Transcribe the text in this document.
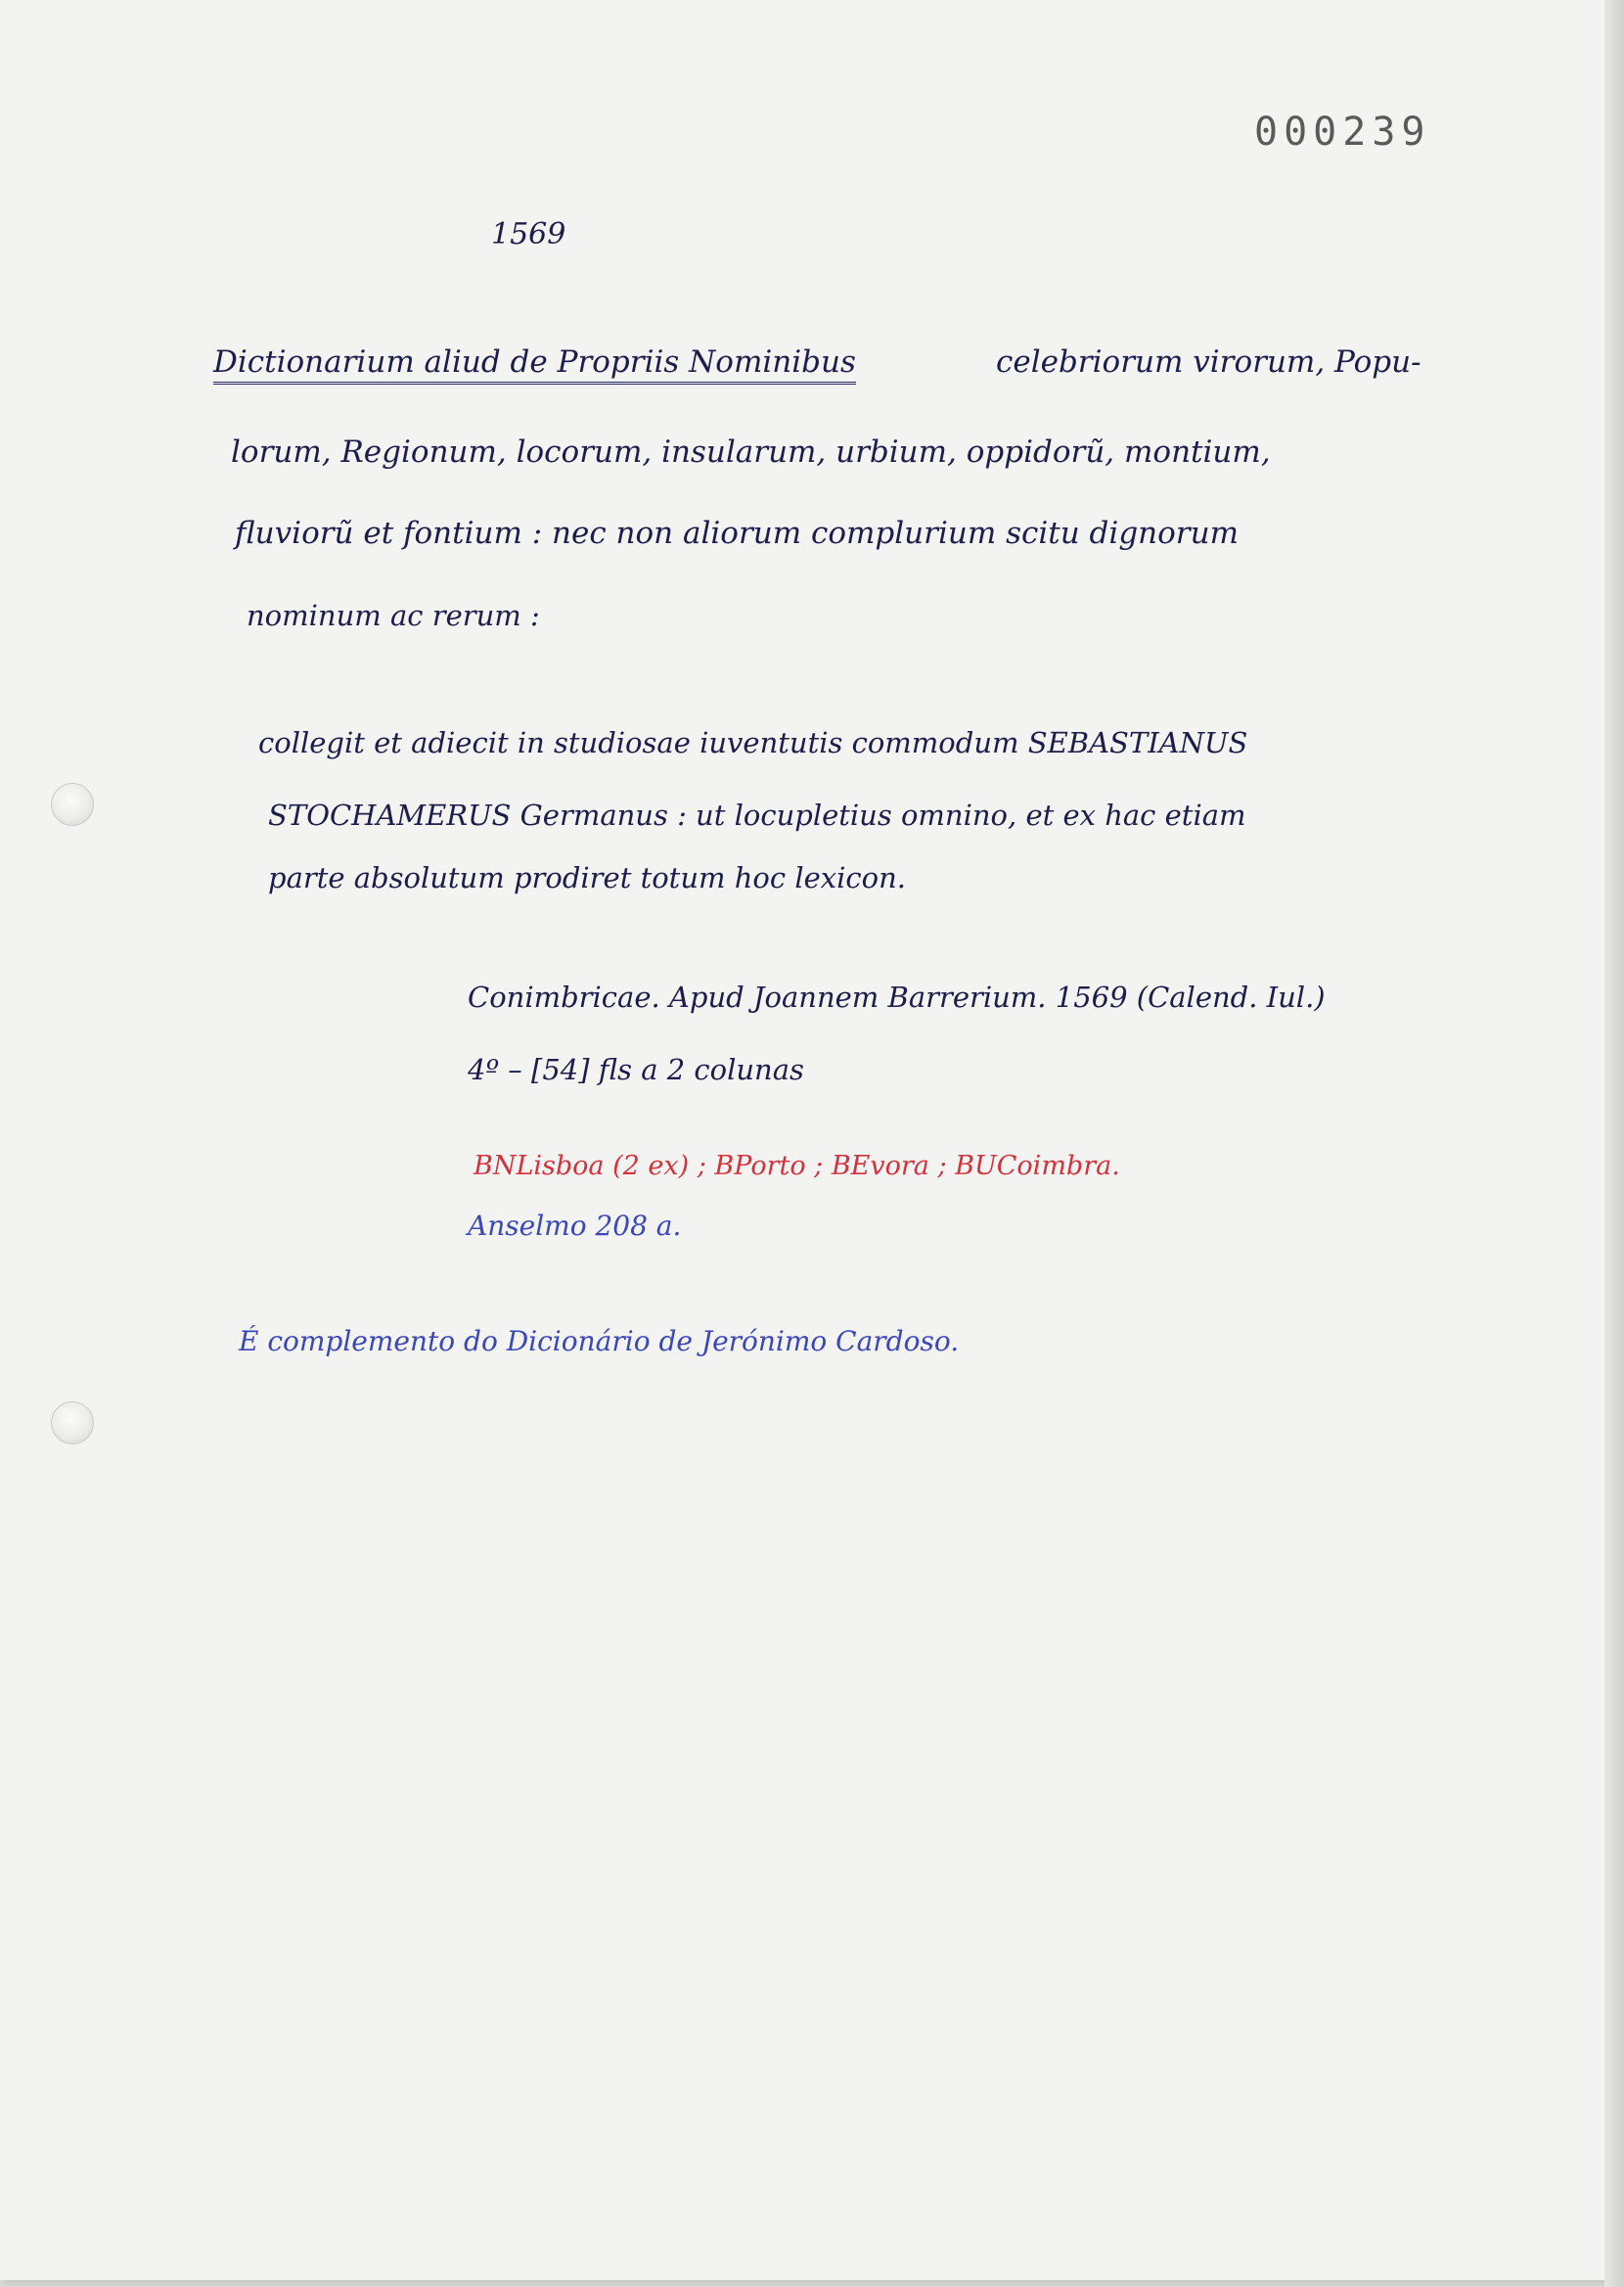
000239
1569
Dictionarium aliud de Propriis Nominibus	celebriorum virorum, Popu-
lorum, Regionum, locorum, insularum, urbium, oppidorũ, montium,
fluviorũ et fontium : nec non aliorum complurium scitu dignorum
nominum ac rerum :
collegit et adiecit in studiosae iuventutis commodum SEBASTIANUS
STOCHAMERUS Germanus : ut locupletius omnino, et ex hac etiam
parte absolutum prodiret totum hoc lexicon.
Conimbricae. Apud Joannem Barrerium. 1569 (Calend. Iul.)
4º – [54] fls a 2 colunas
BNLisboa (2 ex) ; BPorto ; BEvora ; BUCoimbra.
Anselmo 208 a.
É complemento do Dicionário de Jerónimo Cardoso.
